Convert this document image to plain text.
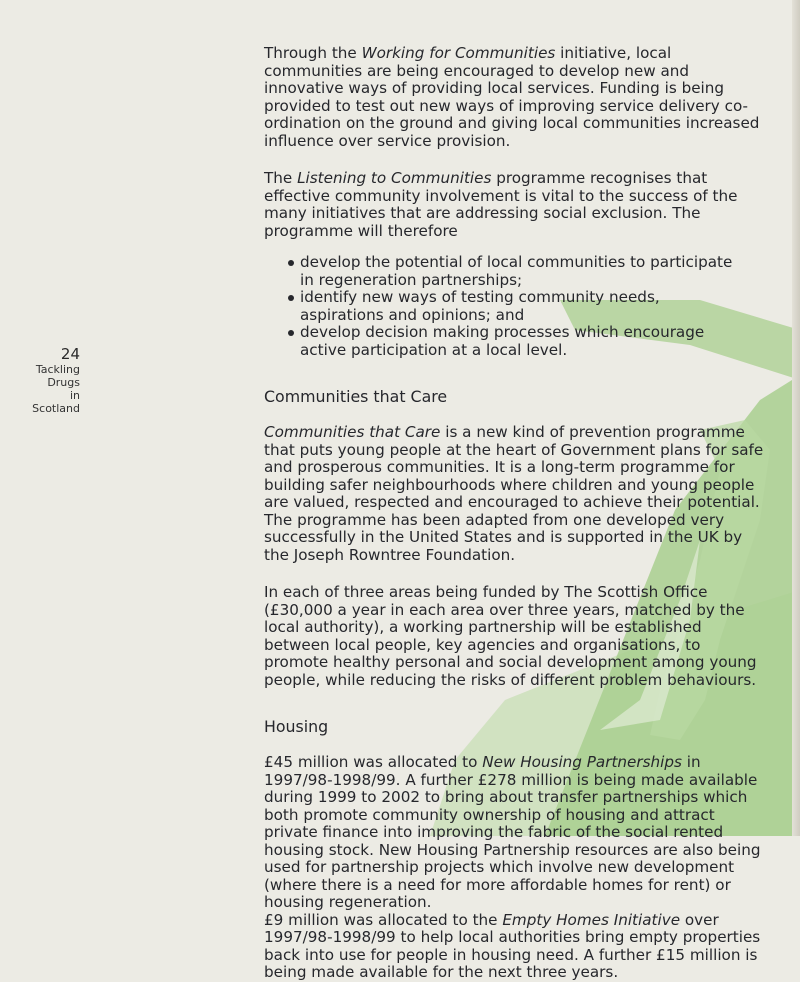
24
Tackling Drugs
in Scotland

Through the Working for Communities initiative, local communities are being encouraged to develop new and innovative ways of providing local services. Funding is being provided to test out new ways of improving service delivery co-ordination on the ground and giving local communities increased influence over service provision.

The Listening to Communities programme recognises that effective community involvement is vital to the success of the many initiatives that are addressing social exclusion. The programme will therefore

develop the potential of local communities to participate in regeneration partnerships;
identify new ways of testing community needs, aspirations and opinions; and
develop decision making processes which encourage active participation at a local level.
Communities that Care

Communities that Care is a new kind of prevention programme that puts young people at the heart of Government plans for safe and prosperous communities. It is a long-term programme for building safer neighbourhoods where children and young people are valued, respected and encouraged to achieve their potential. The programme has been adapted from one developed very successfully in the United States and is supported in the UK by the Joseph Rowntree Foundation.

In each of three areas being funded by The Scottish Office (£30,000 a year in each area over three years, matched by the local authority), a working partnership will be established between local people, key agencies and organisations, to promote healthy personal and social development among young people, while reducing the risks of different problem behaviours.

Housing

£45 million was allocated to New Housing Partnerships in 1997/98-1998/99. A further £278 million is being made available during 1999 to 2002 to bring about transfer partnerships which both promote community ownership of housing and attract private finance into improving the fabric of the social rented housing stock. New Housing Partnership resources are also being used for partnership projects which involve new development (where there is a need for more affordable homes for rent) or housing regeneration.

£9 million was allocated to the Empty Homes Initiative over 1997/98-1998/99 to help local authorities bring empty properties back into use for people in housing need. A further £15 million is being made available for the next three years.
